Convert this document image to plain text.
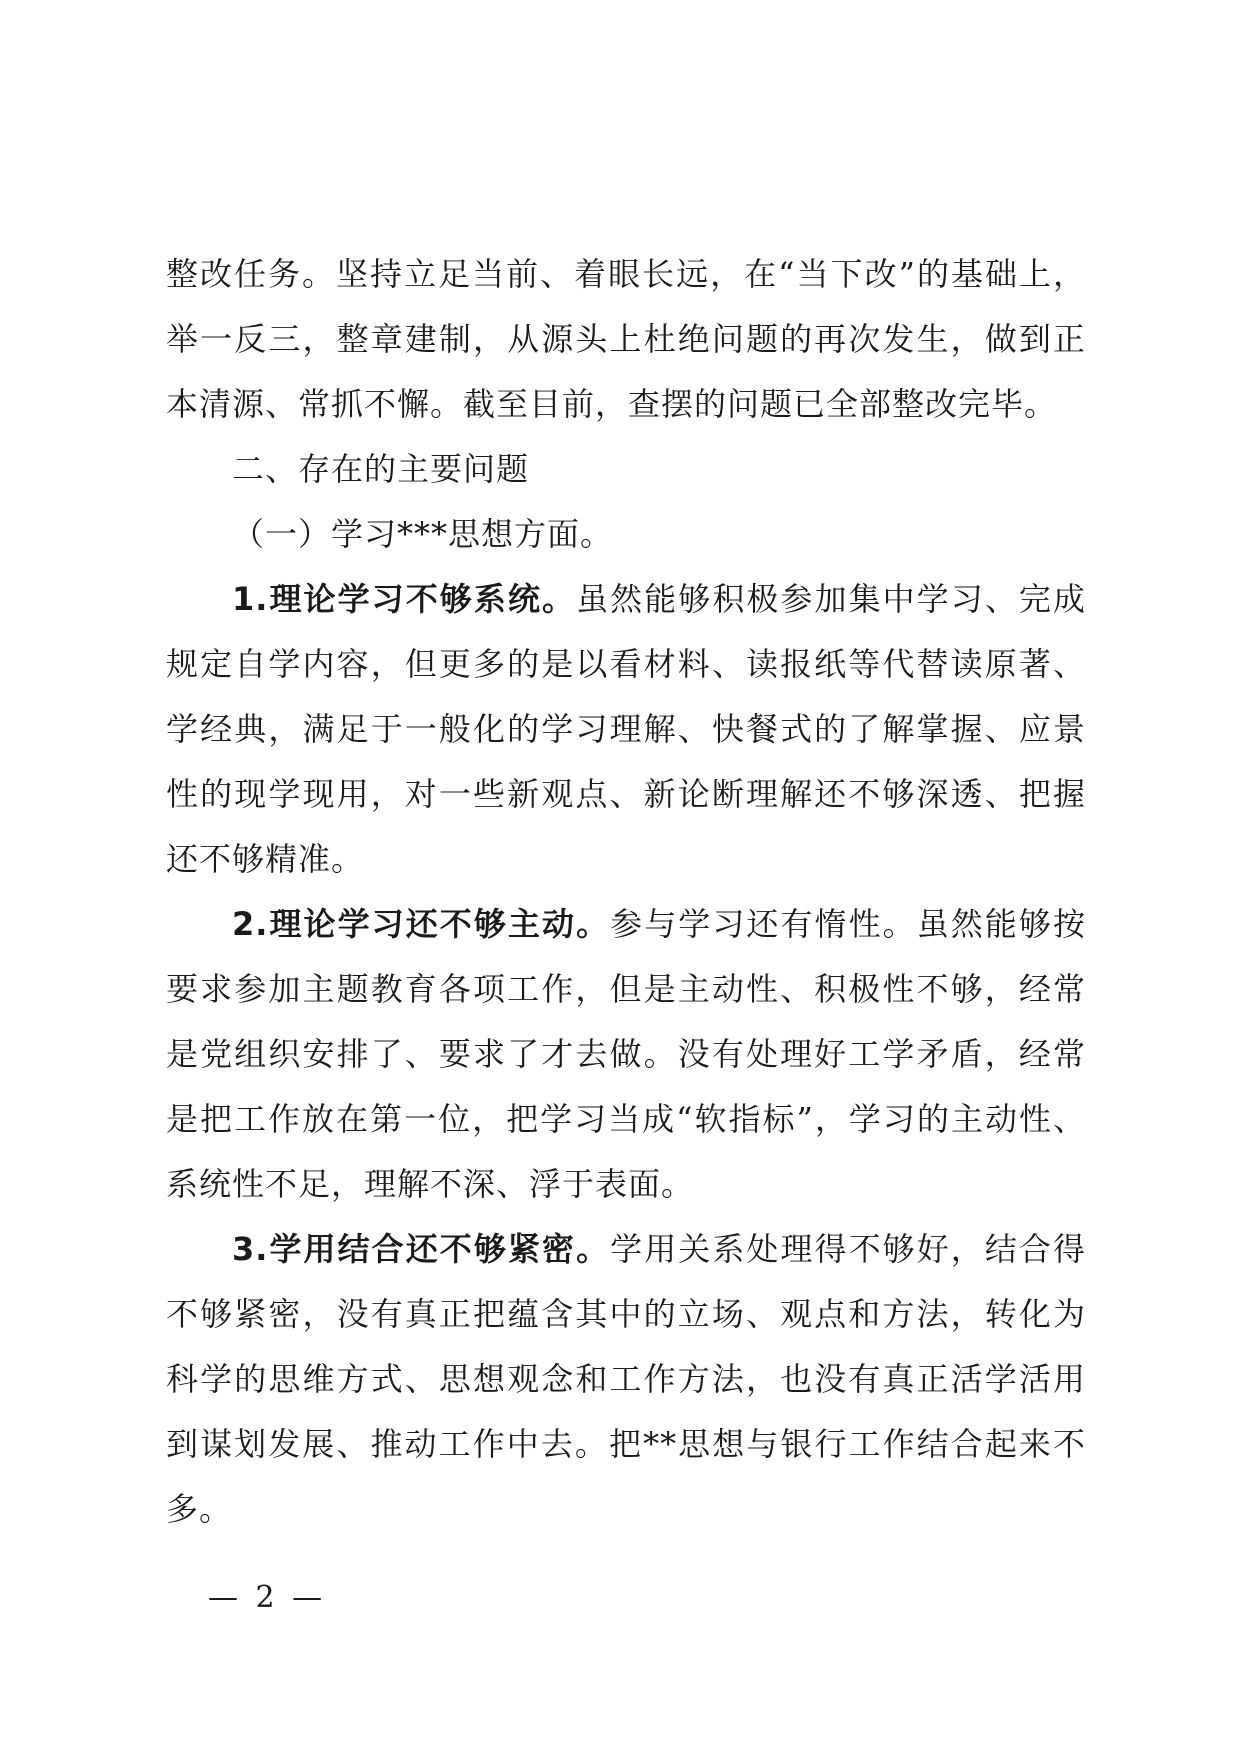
整改任务。坚持立足当前、着眼长远，在“当下改”的基础上，举一反三，整章建制，从源头上杜绝问题的再次发生，做到正本清源、常抓不懈。截至目前，查摆的问题已全部整改完毕。

二、存在的主要问题

（一）学习***思想方面。

1.理论学习不够系统。虽然能够积极参加集中学习、完成规定自学内容，但更多的是以看材料、读报纸等代替读原著、学经典，满足于一般化的学习理解、快餐式的了解掌握、应景性的现学现用，对一些新观点、新论断理解还不够深透、把握还不够精准。

2.理论学习还不够主动。参与学习还有惰性。虽然能够按要求参加主题教育各项工作，但是主动性、积极性不够，经常是党组织安排了、要求了才去做。没有处理好工学矛盾，经常是把工作放在第一位，把学习当成“软指标”，学习的主动性、系统性不足，理解不深、浮于表面。

3.学用结合还不够紧密。学用关系处理得不够好，结合得不够紧密，没有真正把蕴含其中的立场、观点和方法，转化为科学的思维方式、思想观念和工作方法，也没有真正活学活用到谋划发展、推动工作中去。把**思想与银行工作结合起来不多。

— 2 —
